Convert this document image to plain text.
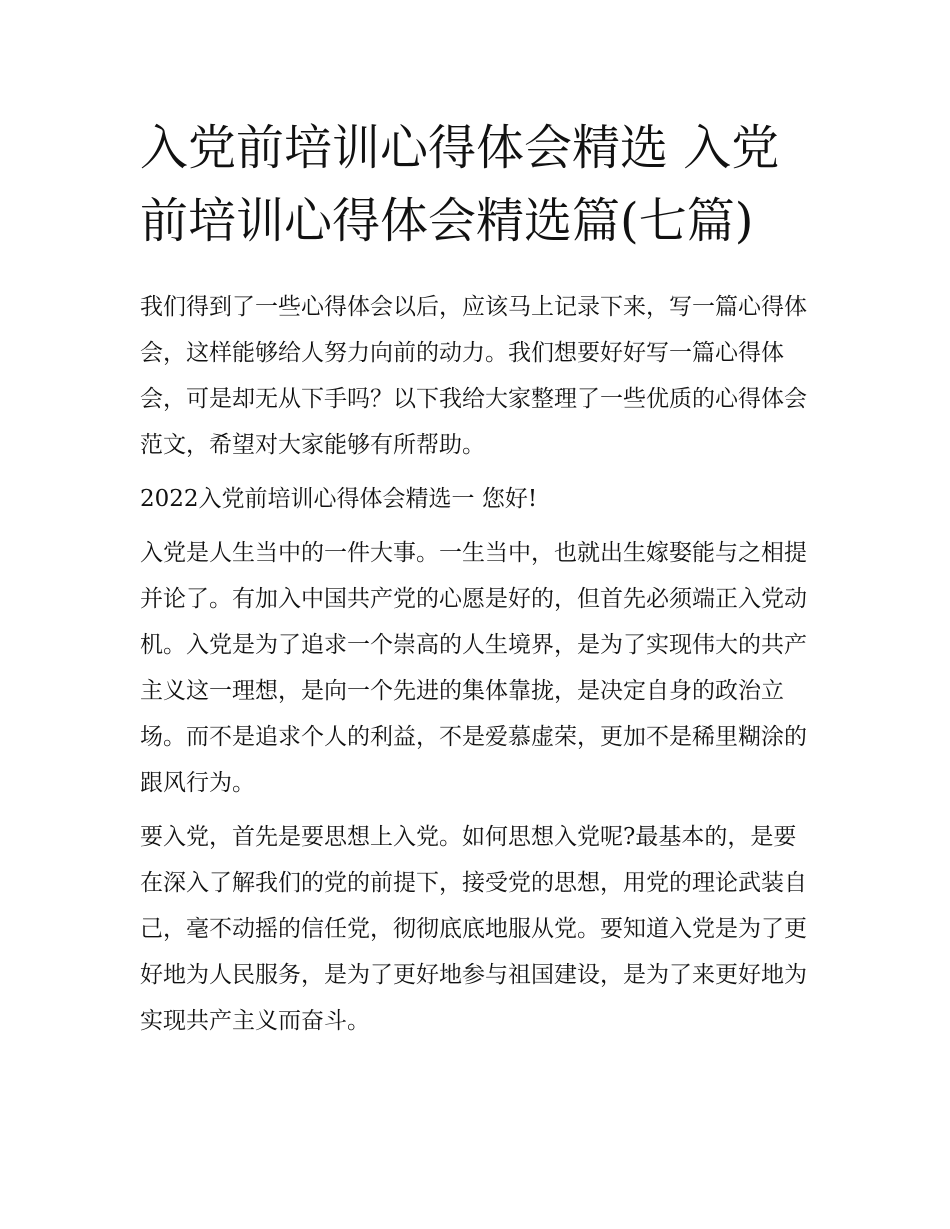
入党前培训心得体会精选 入党前培训心得体会精选篇(七篇)

我们得到了一些心得体会以后，应该马上记录下来，写一篇心得体会，这样能够给人努力向前的动力。我们想要好好写一篇心得体会，可是却无从下手吗？以下我给大家整理了一些优质的心得体会范文，希望对大家能够有所帮助。

2022入党前培训心得体会精选一 您好!

入党是人生当中的一件大事。一生当中，也就出生嫁娶能与之相提并论了。有加入中国共产党的心愿是好的，但首先必须端正入党动机。入党是为了追求一个崇高的人生境界，是为了实现伟大的共产主义这一理想，是向一个先进的集体靠拢，是决定自身的政治立场。而不是追求个人的利益，不是爱慕虚荣，更加不是稀里糊涂的跟风行为。

要入党，首先是要思想上入党。如何思想入党呢?最基本的，是要在深入了解我们的党的前提下，接受党的思想，用党的理论武装自己，毫不动摇的信任党，彻彻底底地服从党。要知道入党是为了更好地为人民服务，是为了更好地参与祖国建设，是为了来更好地为实现共产主义而奋斗。
